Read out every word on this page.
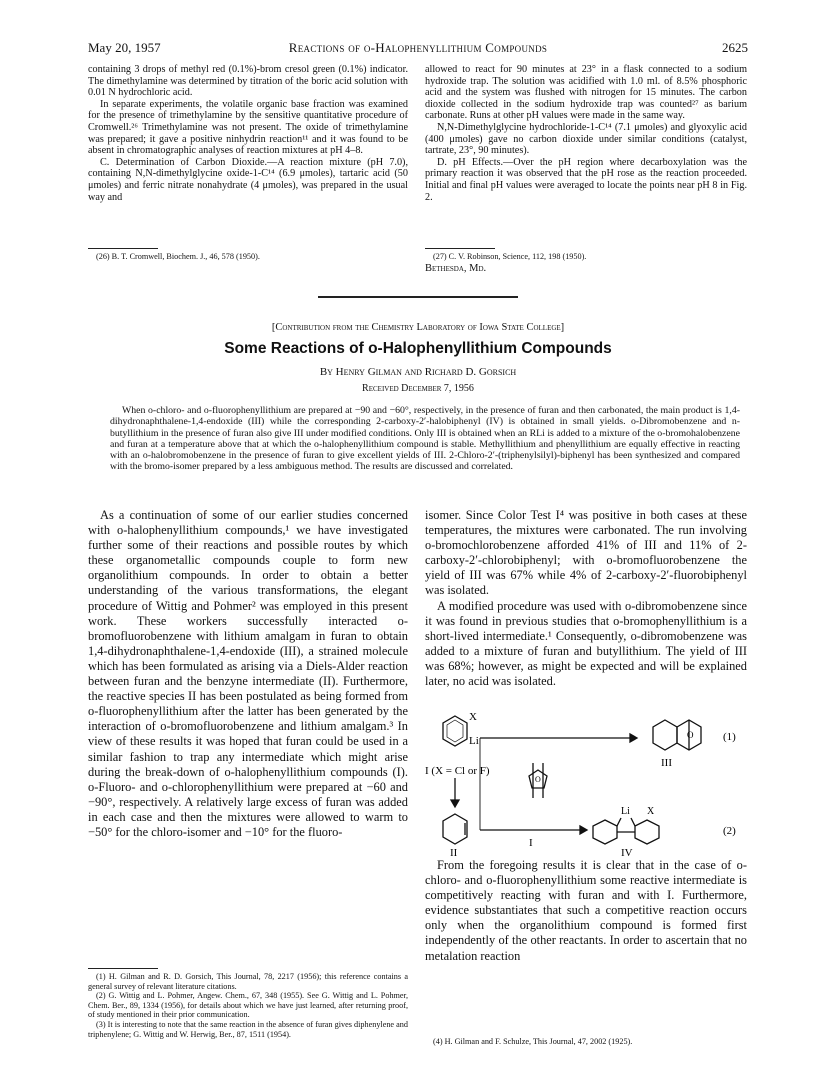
May 20, 1957	Reactions of o-Halophenyllithium Compounds	2625

containing 3 drops of methyl red (0.1%)-brom cresol green (0.1%) indicator. The dimethylamine was determined by titration of the boric acid solution with 0.01 N hydrochloric acid.

In separate experiments, the volatile organic base fraction was examined for the presence of trimethylamine by the sensitive quantitative procedure of Cromwell.²⁶ Trimethylamine was not present. The oxide of trimethylamine was prepared; it gave a positive ninhydrin reaction¹¹ and it was found to be absent in chromatographic analyses of reaction mixtures at pH 4–8.

C. Determination of Carbon Dioxide.—A reaction mixture (pH 7.0), containing N,N-dimethylglycine oxide-1-C¹⁴ (6.9 μmoles), tartaric acid (50 μmoles) and ferric nitrate nonahydrate (4 μmoles), was prepared in the usual way and

(26) B. T. Cromwell, Biochem. J., 46, 578 (1950).

allowed to react for 90 minutes at 23° in a flask connected to a sodium hydroxide trap. The solution was acidified with 1.0 ml. of 8.5% phosphoric acid and the system was flushed with nitrogen for 15 minutes. The carbon dioxide collected in the sodium hydroxide trap was counted²⁷ as barium carbonate. Runs at other pH values were made in the same way.

N,N-Dimethylglycine hydrochloride-1-C¹⁴ (7.1 μmoles) and glyoxylic acid (400 μmoles) gave no carbon dioxide under similar conditions (catalyst, tartrate, 23°, 90 minutes).

D. pH Effects.—Over the pH region where decarboxylation was the primary reaction it was observed that the pH rose as the reaction proceeded. Initial and final pH values were averaged to locate the points near pH 8 in Fig. 2.

(27) C. V. Robinson, Science, 112, 198 (1950).

Bethesda, Md.
[Contribution from the Chemistry Laboratory of Iowa State College]
Some Reactions of o-Halophenyllithium Compounds
By Henry Gilman and Richard D. Gorsich
Received December 7, 1956
When o-chloro- and o-fluorophenyllithium are prepared at −90 and −60°, respectively, in the presence of furan and then carbonated, the main product is 1,4-dihydronaphthalene-1,4-endoxide (III) while the corresponding 2-carboxy-2′-halobiphenyl (IV) is obtained in small yields. o-Dibromobenzene and n-butyllithium in the presence of furan also give III under modified conditions. Only III is obtained when an RLi is added to a mixture of the o-bromohalobenzene and furan at a temperature above that at which the o-halophenyllithium compound is stable. Methyllithium and phenyllithium are equally effective in reacting with an o-halobromobenzene in the presence of furan to give excellent yields of III. 2-Chloro-2′-(triphenylsilyl)-biphenyl has been synthesized and compared with the bromo-isomer prepared by a less ambiguous method. The results are discussed and correlated.

As a continuation of some of our earlier studies concerned with o-halophenyllithium compounds,¹ we have investigated further some of their reactions and possible routes by which these organometallic compounds couple to form new organolithium compounds. In order to obtain a better understanding of the various transformations, the elegant procedure of Wittig and Pohmer² was employed in this present work. These workers successfully interacted o-bromofluorobenzene with lithium amalgam in furan to obtain 1,4-dihydronaphthalene-1,4-endoxide (III), a strained molecule which has been formulated as arising via a Diels-Alder reaction between furan and the benzyne intermediate (II). Furthermore, the reactive species II has been postulated as being formed from o-fluorophenyllithium after the latter has been generated by the interaction of o-bromofluorobenzene and lithium amalgam.³ In view of these results it was hoped that furan could be used in a similar fashion to trap any intermediate which might arise during the break-down of o-halophenyllithium compounds (I). o-Fluoro- and o-chlorophenyllithium were prepared at −60 and −90°, respectively. A relatively large excess of furan was added in each case and then the mixtures were allowed to warm to −50° for the chloro-isomer and −10° for the fluoro-

(1) H. Gilman and R. D. Gorsich, This Journal, 78, 2217 (1956); this reference contains a general survey of relevant literature citations.

(2) G. Wittig and L. Pohmer, Angew. Chem., 67, 348 (1955). See G. Wittig and L. Pohmer, Chem. Ber., 89, 1334 (1956), for details about which we have just learned, after returning proof, of study mentioned in their prior communication.

(3) It is interesting to note that the same reaction in the absence of furan gives diphenylene and triphenylene; G. Wittig and W. Herwig, Ber., 87, 1511 (1954).

isomer. Since Color Test I⁴ was positive in both cases at these temperatures, the mixtures were carbonated. The run involving o-bromochlorobenzene afforded 41% of III and 11% of 2-carboxy-2′-chlorobiphenyl; with o-bromofluorobenzene the yield of III was 67% while 4% of 2-carboxy-2′-fluorobiphenyl was isolated.

A modified procedure was used with o-dibromobenzene since it was found in previous studies that o-bromophenyllithium is a short-lived intermediate.¹ Consequently, o-dibromobenzene was added to a mixture of furan and butyllithium. The yield of III was 68%; however, as might be expected and will be explained later, no acid was isolated.

X
Li
I (X = Cl or F)
O
O
III
II
I
Li X
IV
(1)
(2)

From the foregoing results it is clear that in the case of o-chloro- and o-fluorophenyllithium some reactive intermediate is competitively reacting with furan and with I. Furthermore, evidence substantiates that such a competitive reaction occurs only when the organolithium compound is formed first independently of the other reactants. In order to ascertain that no metalation reaction

(4) H. Gilman and F. Schulze, This Journal, 47, 2002 (1925).
